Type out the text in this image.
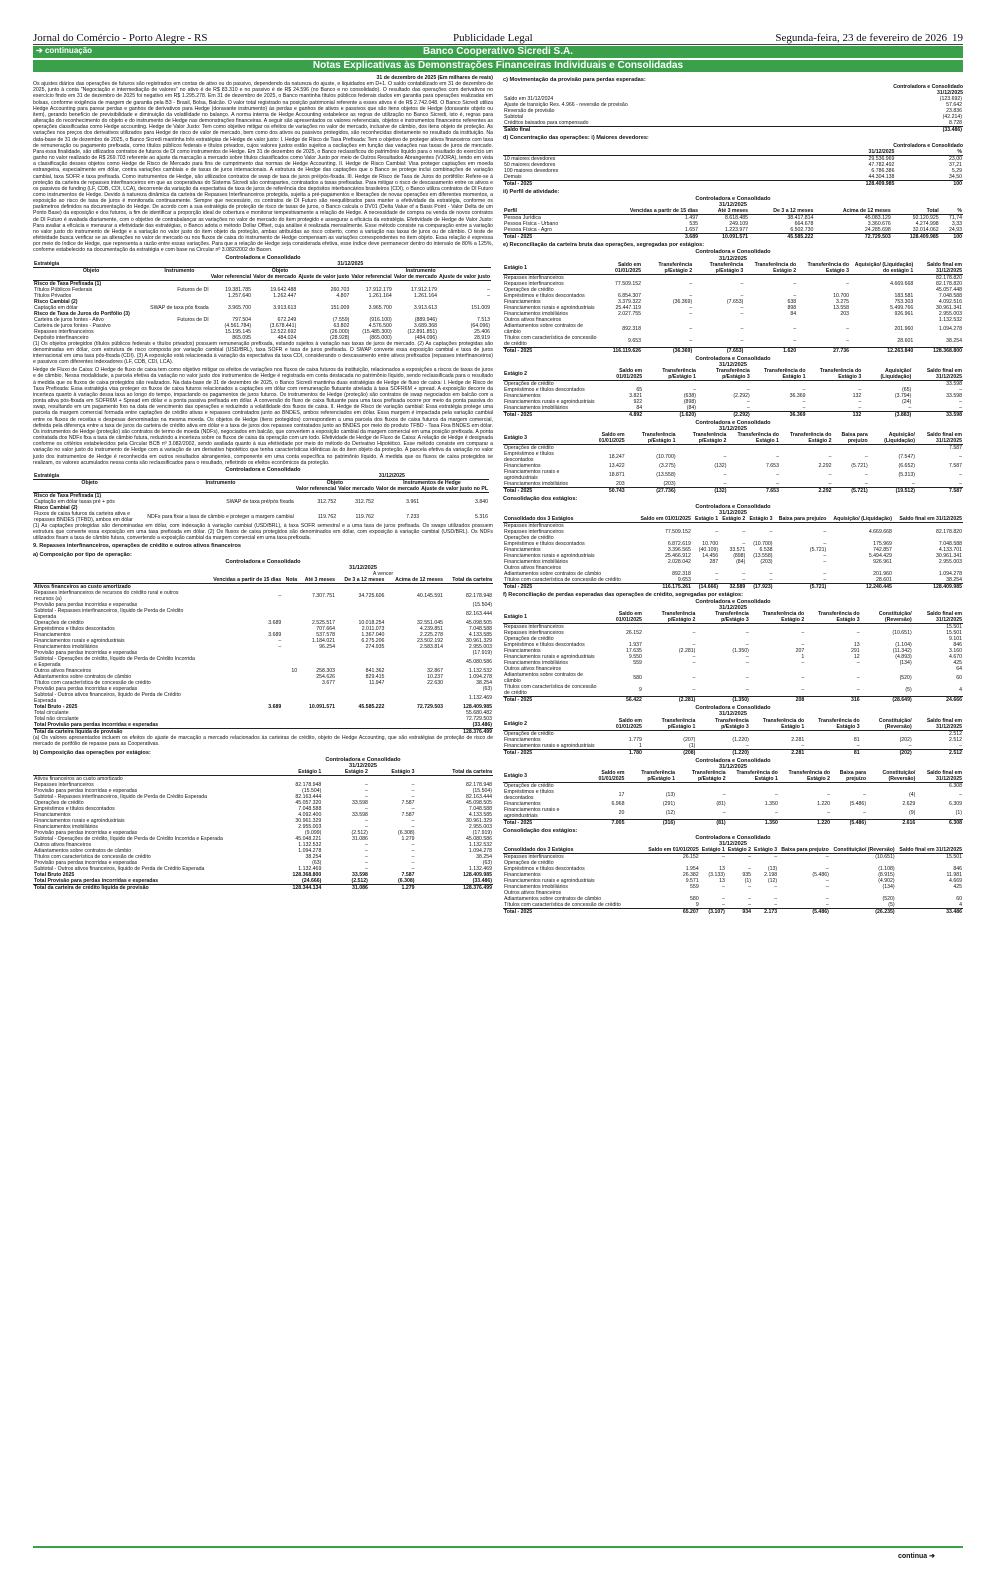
Jornal do Comércio - Porto Alegre - RS	Publicidade Legal	Segunda-feira, 23 de fevereiro de 2026 19
➔ continuação	Banco Cooperativo Sicredi S.A.
Notas Explicativas às Demonstrações Financeiras Individuais e Consolidadas
31 de dezembro de 2025 (Em milhares de reais)

Os ajustes diários das operações de futuros são registrados em contas de ativo ou do passivo, dependendo da natureza do ajuste, e liquidados em D+1. O saldo contabilizado em 31 de dezembro de 2025, junto à conta "Negociação e intermediação de valores" no ativo é de R$ 83.310 e no passivo é de R$ 24.596 (no Banco e no consolidado). O resultado das operações com derivativos no exercício findo em 31 de dezembro de 2025 foi negativo em R$ 1.295.278. Em 31 de dezembro de 2025, o Banco mantinha títulos públicos federais dados em garantia para operações realizadas em bolsas, conforme exigência de margem de garantia pela B3 - Brasil, Bolsa, Balcão. O valor total registrado na posição patrimonial referente a esses ativos é de R$ 2.742.048. O Banco Sicredi utiliza Hedge Accounting para parear perdas e ganhos de derivativos para Hedge (doravante instrumento) às perdas e ganhos de ativos e passivos que são itens objetos de Hedge (doravante objeto ou item), gerando benefício de previsibilidade e diminuição da volatilidade no balanço. A norma interna de Hedge Accounting estabelece as regras de utilização no Banco Sicredi, isto é, regras para alteração do reconhecimento do objeto e do instrumento de Hedge nas demonstrações financeiras. A seguir são apresentados os valores referenciais, objetos e instrumentos financeiros referentes as operações classificadas como Hedge accounting. Hedge de Valor Justo: Tem como objetivo mitigar os efeitos de variações no valor de mercado, inclusive de câmbio, dos itens objeto de proteção. As variações nos preços dos derivativos utilizados para Hedge de risco de valor de mercado, bem como dos ativos ou passivos protegidos, são reconhecidas diretamente no resultado da instituição. Na data-base de 31 de dezembro de 2025, o Banco Sicredi mantinha três estratégias de Hedge de valor justo: I. Hedge de Risco de Taxa Prefixada: Tem o objetivo de proteger ativos financeiros com taxa de remuneração ou pagamento prefixada, como títulos públicos federais e títulos privados, cujos valores justos estão sujeitos a oscilações em função das variações nas taxas de juros de mercado. Para essa finalidade, são utilizados contratos de futuros de DI como instrumentos de Hedge. Em 31 de dezembro de 2025, o Banco reclassificou do patrimônio líquido para o resultado do exercício um ganho no valor realizado de R$ 269.703 referente ao ajuste da marcação a mercado sobre títulos classificados como Valor Justo por meio de Outros Resultados Abrangentes (VJORA), tendo em vista a classificação desses objetos como Hedge de Risco de Mercado para fins de cumprimento das normas de Hedge Accounting. II. Hedge de Risco Cambial: Visa proteger captações em moeda estrangeira, especialmente em dólar, contra variações cambiais e de taxas de juros internacionais. A estrutura de Hedge das captações que o Banco se protege inclui combinações de variação cambial, taxa SOFR e taxa prefixada. Como instrumentos de Hedge, são utilizados contratos de swap de taxa de juros pré/pós-fixada. III. Hedge de Risco de Taxa de Juros do portifólio: Refere-se à proteção da carteira de repasses interfinanceiros em que as cooperativas do Sistema Sicredi são contrapartes, contratados a taxas prefixadas. Para mitigar o risco de descasamento entre os ativos e os passivos de funding (LF, CDB, CDI, LCA), decorrente da variação da expectativa de taxa de juros de referência dos depósitos interbancários brasileiros (CDI), o Banco utiliza contratos de DI Futuro como instrumentos de Hedge. Devido à natureza dinâmica da carteira de Repasses Interfinanceiros protegida, sujeita a pré-pagamentos e liberações de novas operações em diferentes momentos, a exposição ao risco de taxa de juros é monitorada continuamente. Sempre que necessário, os contratos de DI Futuro são reequilibrados para manter a efetividade da estratégia, conforme os parâmetros definidos na documentação do Hedge. De acordo com a sua estratégia de proteção de risco de taxas de juros, o Banco calcula o DV01 (Delta Value of a Basis Point - Valor Delta de um Ponto Base) da exposição e dos futuros, a fim de identificar a proporção ideal de cobertura e monitorar tempestivamente a relação de Hedge. A necessidade de compra ou venda de novos contratos de DI Futuro é avaliada diariamente, com o objetivo de contrabalançar as variações no valor de mercado do item protegido e assegurar a eficácia da estratégia. Efetividade de Hedge de Valor Justo: Para avaliar a eficácia e mensurar a efetividade das estratégias, o Banco adota o método Dollar Offset, cuja análise é realizada mensalmente. Esse método consiste na comparação entre a variação no valor justo do instrumento de Hedge e a variação no valor justo do item objeto da proteção, ambas atribuídas ao risco coberto, como a variação nas taxas de juros ou de câmbio. O teste de efetividade busca verificar se as alterações no valor de mercado ou nos fluxos de caixa do instrumento de Hedge compensam as variações correspondentes no item objeto. Essa relação é expressa por meio do índice de Hedge, que representa a razão entre essas variações. Para que a relação de Hedge seja considerada efetiva, esse índice deve permanecer dentro do intervalo de 80% a 125%, conforme estabelecido na documentação da estratégia e com base na Circular nº 3.082/2002 do Bacen.

Controladora e Consolidado
Estratégia		31/12/2025						
Objeto	Instrumento	Objeto			Instrumento			
		Valor referencial	Valor de mercado	Ajuste de valor justo	Valor referencial	Valor de mercado	Ajuste de valor justo	
Risco de Taxa Prefixada (1)								
Títulos Públicos Federais	Futuros de DI	19.381.785	19.642.488	260.703	17.912.179	17.912.179	–	
Títulos Privados		1.257.640	1.262.447	4.807	1.261.164	1.261.164	–	
Risco Cambial (2)								
Captação em dólar	SWAP de taxa pós fixada	3.965.700	3.913.613	151.009	3.965.700	3.913.613	151.009	
Risco de Taxa de Juros do Portfólio (3)								
Carteira de juros fontes - Ativo	Futuros de DI	797.504	672.249	(7.559)	(916.100)	(889.946)	7.513	
Carteira de juros fontes - Passivo		(4.561.784)	(3.678.441)	63.802	4.576.500	3.689.368	(64.096)	
Repasses interfinanceiros		15.195.145	12.522.692	(26.000)	(15.485.300)	(12.891.851)	25.406	
Depósito interfinanceiro		865.095	484.024	(28.928)	(865.000)	(484.096)	28.919	

(1) Os objetos protegidos (títulos públicos federais e títulos privados) possuem remuneração prefixada, estando sujeitos à variação nas taxas de juros de mercado. (2) As captações protegidas são denominadas em dólar, com estrutura de risco composta por variação cambial (USD/BRL), taxa SOFR e taxa de juros prefixada. O SWAP converte essa exposição cambial e taxa de juros internacional em uma taxa pós-fixada (CDI). (3) A exposição está relacionada à variação da expectativa da taxa CDI, considerando o descasamento entre ativos prefixados (repasses interfinanceiros) e passivos com diferentes indexadores (LF, CDB, CDI, LCA).

Hedge de Fluxo de Caixa: O Hedge de fluxo de caixa tem como objetivo mitigar os efeitos de variações nos fluxos de caixa futuros da instituição, relacionados a exposições a riscos de taxas de juros e de câmbio. Nessa modalidade, a parcela efetiva da variação no valor justo dos instrumentos de Hedge é registrada em conta destacada no patrimônio líquido, sendo reclassificada para o resultado à medida que os fluxos de caixa protegidos são realizados. Na data-base de 31 de dezembro de 2025, o Banco Sicredi mantinha duas estratégias de Hedge de fluxo de caixa: I. Hedge de Risco de Taxa Prefixada: Essa estratégia visa proteger os fluxos de caixa futuros relacionados a captações em dólar com remuneração flutuante atrelada à taxa SOFR6M + spread. A exposição decorre da incerteza quanto à variação dessa taxa ao longo do tempo, impactando os pagamentos de juros futuros. Os instrumentos de Hedge (proteção) são contratos de swap negociados em balcão com a ponta ativa pós-fixada em SOFR6M + Spread em dólar e a ponta passiva prefixada em dólar. A conversão do fluxo de caixa flutuante para uma taxa prefixada ocorre por meio da ponta passiva do swap, resultando em um pagamento fixo na data de vencimento das operações e reduzindo a volatilidade dos fluxos de caixa. II. Hedge de Risco de variação cambial: Essa estratégia protege uma parcela da margem comercial formada entre captações de crédito ativas e repasses contratados junto ao BNDES, ambos referenciados em dólar. Essa margem é impactada pela variação cambial entre os fluxos de receitas e despesas denominadas na mesma moeda. Os objetos de Hedge (itens protegidos) correspondem a uma parcela dos fluxos de caixa futuros da margem comercial, definida pela diferença entre a taxa de juros da carteira de crédito ativa em dólar e a taxa de juros dos repasses contratados junto ao BNDES por meio do produto TFBD - Taxa Fixa BNDES em dólar. Os instrumentos de Hedge (proteção) são contratos de termo de moeda (NDFs), negociados em balcão, que convertem a exposição cambial da margem comercial em uma posição prefixada. A ponta contratada dos NDFs fixa a taxa de câmbio futura, reduzindo a incerteza sobre os fluxos de caixa da operação com um todo. Efetividade de Hedge de Fluxo de Caixa: A relação de Hedge é designada conforme os critérios estabelecidos pela Circular BCB nº 3.082/2002, sendo avaliada quanto à sua efetividade por meio do método do Derivativo Hipotético. Esse método consiste em comparar a variação no valor justo do instrumento de Hedge com a variação de um derivativo hipotético que tenha características idênticas às do item objeto da proteção. A parcela efetiva da variação no valor justo dos instrumentos de Hedge é reconhecida em outros resultados abrangentes, componente em uma conta específica no patrimônio líquido. À medida que os fluxos de caixa protegidos se realizam, os valores acumulados nessa conta são reclassificados para o resultado, refletindo os efeitos econômicos da proteção.

Controladora e Consolidado
Estratégia		31/12/2025					
Objeto	Instrumento	Objeto		Instrumentos de Hedge			
		Valor referencial	Valor mercado	Valor de mercado	Ajuste de valor justo no PL		
Risco de Taxa Prefixada (1)							
Captação em dólar taxas pré + pós	SWAP de taxa pré/pós fixada	312.752	312.752	3.961	3.840		
Risco Cambial (2)							
Fluxos de caixa futuros da carteira ativa e repasses BNDES (TFBD), ambos em dólar	NDFs para fixar a taxa de câmbio e proteger a margem cambial	119.762	119.762	7.233	5.316		

(1) As captações protegidas são denominadas em dólar, com indexação à variação cambial (USD/BRL), à taxa SOFR semestral e a uma taxa de juros prefixada. Os swaps utilizados possuem estrutura que converte essa exposição em uma taxa prefixada em dólar. (2) Os fluxos de caixa protegidos são denominados em dólar, com exposição à variação cambial (USD/BRL). Os NDFs utilizados fixam a taxa de câmbio futura, convertendo a exposição cambial da margem comercial em uma taxa prefixada.

9. Repasses interfinanceiros, operações de crédito e outros ativos financeiros
a) Composição por tipo de operação:
Controladora e Consolidado
31/12/2025
A vencer
	Vencidas a partir de 15 dias	Nota	Até 3 meses	De 3 a 12 meses	Acima de 12 meses	Total da carteira
Ativos financeiros ao custo amortizado						
Repasses interfinanceiros de recursos do crédito rural e outros recursos (a)	–		7.307.751	34.725.606	40.145.591	82.178.948
Provisão para perdas incorridas e esperadas						(15.504)
Subtotal - Repasses interfinanceiros, líquido de Perda de Crédito Esperada						82.163.444
Operações de crédito	3.689		2.525.517	10.018.254	32.551.045	45.098.505
Empréstimos e títulos descontados			707.664	2.011.073	4.239.851	7.048.588
Financiamentos	3.689		537.578	1.367.040	2.225.278	4.133.585
Financiamentos rurais e agroindustriais	–		1.184.021	6.275.206	23.502.192	30.961.329
Financiamentos imobiliários	–		96.254	274.935	2.583.814	2.955.003
Provisão para perdas incorridas e esperadas						(17.919)
Subtotal - Operações de crédito, líquido de Perda de Crédito Incorrida e Esperada						45.080.586
Outros ativos financeiros		10	258.303	841.362	32.867	1.132.532
Adiantamentos sobre contratos de câmbio			254.626	829.415	10.237	1.094.278
Títulos com característica de concessão de crédito			3.677	11.947	22.630	38.254
Provisão para perdas incorridas e esperadas						(63)
Subtotal - Outros ativos financeiros, líquido de Perda de Crédito Esperada						1.132.469
Total Bruto - 2025	3.689		10.091.571	45.585.222	72.729.503	128.409.985
Total circulante						55.680.482
Total não circulante						72.729.503
Total Provisão para perdas incorridas e esperadas						(33.486)
Total da carteira líquida de provisão						128.376.499

(a) Os valores apresentados incluem os efeitos do ajuste de marcação a mercado relacionados às carteiras de crédito, objeto de Hedge Accounting, que são estratégias de proteção de risco de mercado de portfólio de repasse para as Cooperativas.

b) Composição das operações por estágios:
Controladora e Consolidado
31/12/2025
	Estágio 1	Estágio 2	Estágio 3	Total da carteira
Ativos financeiros ao custo amortizado				
Repasses interfinanceiros	82.178.948	–	–	82.178.948
Provisão para perdas incorridas e esperadas	(15.504)	–	–	(15.504)
Subtotal - Repasses interfinanceiros, líquido de Perda de Crédito Esperada	82.163.444	–	–	82.163.444
Operações de crédito	45.057.320	33.598	7.587	45.098.505
Empréstimos e títulos descontados	7.048.588	–	–	7.048.588
Financiamentos	4.092.400	33.598	7.587	4.133.585
Financiamentos rurais e agroindustriais	30.961.329	–	–	30.961.329
Financiamentos imobiliários	2.955.003	–	–	2.955.003
Provisão para perdas incorridas e esperadas	(9.099)	(2.512)	(6.308)	(17.919)
Subtotal - Operações de crédito, líquido de Perda de Crédito Incorrida e Esperada	45.048.221	31.086	1.279	45.080.586
Outros ativos financeiros	1.132.532	–	–	1.132.532
Adiantamentos sobre contratos de câmbio	1.094.278	–	–	1.094.278
Títulos com característica de concessão de crédito	38.254	–	–	38.254
Provisão para perdas incorridas e esperadas	(63)	–	–	(63)
Subtotal - Outros ativos financeiros, líquido de Perda de Crédito Esperada	1.132.469	–	–	1.132.469
Total Bruto 2025	128.368.800	33.598	7.587	128.409.985
Total Provisão para perdas incorridas e esperadas	(24.666)	(2.512)	(6.308)	(33.486)
Total da carteira de crédito líquida de provisão	128.344.134	31.086	1.279	128.376.499
c) Movimentação da provisão para perdas esperadas:
Controladora e Consolidado
31/12/2025
Saldo em 31/12/2024	(123.692)
Ajuste de transição Res. 4.966 - reversão de provisão	57.642
Reversão de provisão	23.836
Subtotal	(42.214)
Créditos baixados para compensado	8.728
Saldo final	(33.486)
d) Concentração das operações: i) Maiores devedores:
Controladora e Consolidado
	31/12/2025	%
10 maiores devedores	29.536.969	23,00
50 maiores devedores	47.782.492	37,21
100 maiores devedores	6.786.386	5,29
Demais	44.304.138	34,50
Total - 2025	128.409.985	100
ii) Perfil de atividade:
Controladora e Consolidado
31/12/2025
Perfil	Vencidas a partir de 15 dias	Até 3 meses	De 3 a 12 meses	Acima de 12 meses	Total	%
Pessoa Jurídica	1.497	8.618.485	38.417.814	45.083.129	92.120.925	71,74
Pessoa Física - Urbano	535	249.109	664.678	3.360.676	4.274.998	3,33
Pessoa Física - Agro	1.657	1.223.977	6.502.730	24.285.698	32.014.062	24,93
Total - 2025	3.689	10.091.571	45.585.222	72.729.503	128.409.985	100
e) Reconciliação da carteira bruta das operações, segregadas por estágios:
Controladora e Consolidado
31/12/2025
Estágio 1	Saldo em 01/01/2025	Transferência p/Estágio 2	Transferência p/Estágio 3	Transferência do Estágio 2	Transferência do Estágio 3	Aquisição/ (Liquidação) do estágio 1	Saldo final em 31/12/2025
Repasses interfinanceiros							82.178.820
Repasses interfinanceiros	77.509.152	–	–	–	–	4.669.668	82.178.820
Operações de crédito							45.057.448
Empréstimos e títulos descontados	6.854.307	–	–	–	10.700	183.581	7.048.588
Financiamentos	3.379.322	(36.369)	(7.653)	638	3.275	753.303	4.092.516
Financiamentos rurais e agroindustriais	25.447.119	–	–	898	13.558	5.499.766	30.961.341
Financiamentos imobiliários	2.027.755	–	–	84	203	926.961	2.955.003
Outros ativos financeiros							1.132.532
Adiantamentos sobre contratos de câmbio	892.318	–	–	–	–	201.960	1.094.278
Títulos com característica de concessão de crédito	9.653	–	–	–	–	28.601	38.254
Total - 2025	116.119.626	(36.369)	(7.653)	1.620	27.736	12.263.840	128.368.800
Controladora e Consolidado
31/12/2025
Estágio 2	Saldo em 01/01/2025	Transferência p/Estágio 1	Transferência p/Estágio 3	Transferência do Estágio 1	Transferência do Estágio 3	Aquisição/ (Liquidação)	Saldo final em 31/12/2025
Operações de crédito							33.598
Empréstimos e títulos descontados	65	–	–	–	–	(65)	–
Financiamentos	3.821	(638)	(2.292)	36.369	132	(3.794)	33.598
Financiamentos rurais e agroindustriais	922	(898)	–	–	–	(24)	–
Financiamentos imobiliários	84	(84)	–	–	–	–	–
Total - 2025	4.892	(1.620)	(2.292)	36.369	132	(3.883)	33.598
Controladora e Consolidado
31/12/2025
Estágio 3	Saldo em 01/01/2025	Transferência p/Estágio 1	Transferência p/Estágio 2	Transferência do Estágio 1	Transferência do Estágio 2	Baixa para prejuízo	Aquisição/ (Liquidação)	Saldo final em 31/12/2025
Operações de crédito								7.587
Empréstimos e títulos descontados	18.247	(10.700)	–	–	–	–	(7.547)	–
Financiamentos	13.422	(3.275)	(132)	7.653	2.292	(5.721)	(6.652)	7.587
Financiamentos rurais e agroindustriais	18.871	(13.558)	–	–	–	–	(5.313)	–
Financiamentos imobiliários	203	(203)	–	–	–	–	–	–
Total - 2025	50.743	(27.736)	(132)	7.653	2.292	(5.721)	(19.512)	7.587
Consolidação dos estágios:
Controladora e Consolidado
31/12/2025
Consolidado dos 3 Estágios	Saldo em 01/01/2025	Estágio 1	Estágio 2	Estágio 3	Baixa para prejuízo	Aquisição/ (Liquidação)	Saldo final em 31/12/2025
Repasses interfinanceiros							
Repasses interfinanceiros	77.509.152	–	–	–	–	4.669.668	82.178.820
Operações de crédito							
Empréstimos e títulos descontados	6.872.619	10.700	–	(10.700)	–	175.969	7.048.588
Financiamentos	3.396.565	(40.109)	33.571	6.538	(5.721)	742.857	4.133.701
Financiamentos rurais e agroindustriais	25.466.912	14.456	(898)	(13.558)	–	5.494.429	30.961.341
Financiamentos imobiliários	2.028.042	287	(84)	(203)	–	926.961	2.955.003
Outros ativos financeiros							
Adiantamentos sobre contratos de câmbio	892.318	–	–	–	–	201.960	1.094.278
Títulos com característica de concessão de crédito	9.653	–	–	–	–	28.601	38.254
Total - 2025	116.175.261	(14.666)	32.589	(17.923)	(5.721)	12.240.445	128.409.985
f) Reconciliação de perdas esperadas das operações de crédito, segregadas por estágios:
Controladora e Consolidado
31/12/2025
Estágio 1	Saldo em 01/01/2025	Transferência p/Estágio 2	Transferência p/Estágio 3	Transferência do Estágio 2	Transferência do Estágio 3	Constituição/ (Reversão)	Saldo final em 31/12/2025
Repasses interfinanceiros							15.501
Repasses interfinanceiros	26.152	–	–	–	–	(10.651)	15.501
Operações de crédito							9.101
Empréstimos e títulos descontados	1.937	–	–	–	13	(1.104)	846
Financiamentos	17.635	(2.281)	(1.350)	207	291	(11.342)	3.160
Financiamentos rurais e agroindustriais	9.550	–	–	1	12	(4.893)	4.670
Financiamentos imobiliários	559	–	–	–	–	(134)	425
Outros ativos financeiros							64
Adiantamentos sobre contratos de câmbio	580	–	–	–	–	(520)	60
Títulos com característica de concessão de crédito	9	–	–	–	–	(5)	4
Total - 2025	56.422	(2.281)	(1.350)	208	316	(28.649)	24.666
Controladora e Consolidado
31/12/2025
Estágio 2	Saldo em 01/01/2025	Transferência p/Estágio 1	Transferência p/Estágio 3	Transferência do Estágio 1	Transferência do Estágio 3	Constituição/ (Reversão)	Saldo final em 31/12/2025
Operações de crédito							2.512
Financiamentos	1.779	(207)	(1.220)	2.281	81	(202)	2.512
Financiamentos rurais e agroindustriais	1	(1)	–	–	–	–	–
Total - 2025	1.780	(208)	(1.220)	2.281	81	(202)	2.512
Controladora e Consolidado
31/12/2025
Estágio 3	Saldo em 01/01/2025	Transferência p/Estágio 1	Transferência p/Estágio 2	Transferência do Estágio 1	Transferência do Estágio 2	Baixa para prejuízo	Constituição/ (Reversão)	Saldo final em 31/12/2025
Operações de crédito								6.308
Empréstimos e títulos descontados	17	(13)	–	–	–	–	(4)	–
Financiamentos	6.968	(291)	(81)	1.350	1.220	(5.486)	2.629	6.309
Financiamentos rurais e agroindustriais	20	(12)	–	–	–	–	(9)	(1)
Total - 2025	7.005	(316)	(81)	1.350	1.220	(5.486)	2.616	6.308
Consolidação dos estágios:
Controladora e Consolidado
31/12/2025
Consolidado dos 3 Estágios	Saldo em 01/01/2025	Estágio 1	Estágio 2	Estágio 3	Baixa para prejuízo	Constituição/ (Reversão)	Saldo final em 31/12/2025
Repasses interfinanceiros	26.152	–	–	–	–	(10.651)	15.501
Operações de crédito							
Empréstimos e títulos descontados	1.954	13	–	(13)	–	(1.108)	846
Financiamentos	26.382	(3.133)	935	2.198	(5.486)	(8.915)	11.981
Financiamentos rurais e agroindustriais	9.571	13	(1)	(12)	–	(4.902)	4.669
Financiamentos imobiliários	559	–	–	–	–	(134)	425
Outros ativos financeiros							
Adiantamentos sobre contratos de câmbio	580	–	–	–	–	(520)	60
Títulos com característica de concessão de crédito	9	–	–	–	–	(5)	4
Total - 2025	65.207	(3.107)	934	2.173	(5.486)	(26.235)	33.486
continua ➔
